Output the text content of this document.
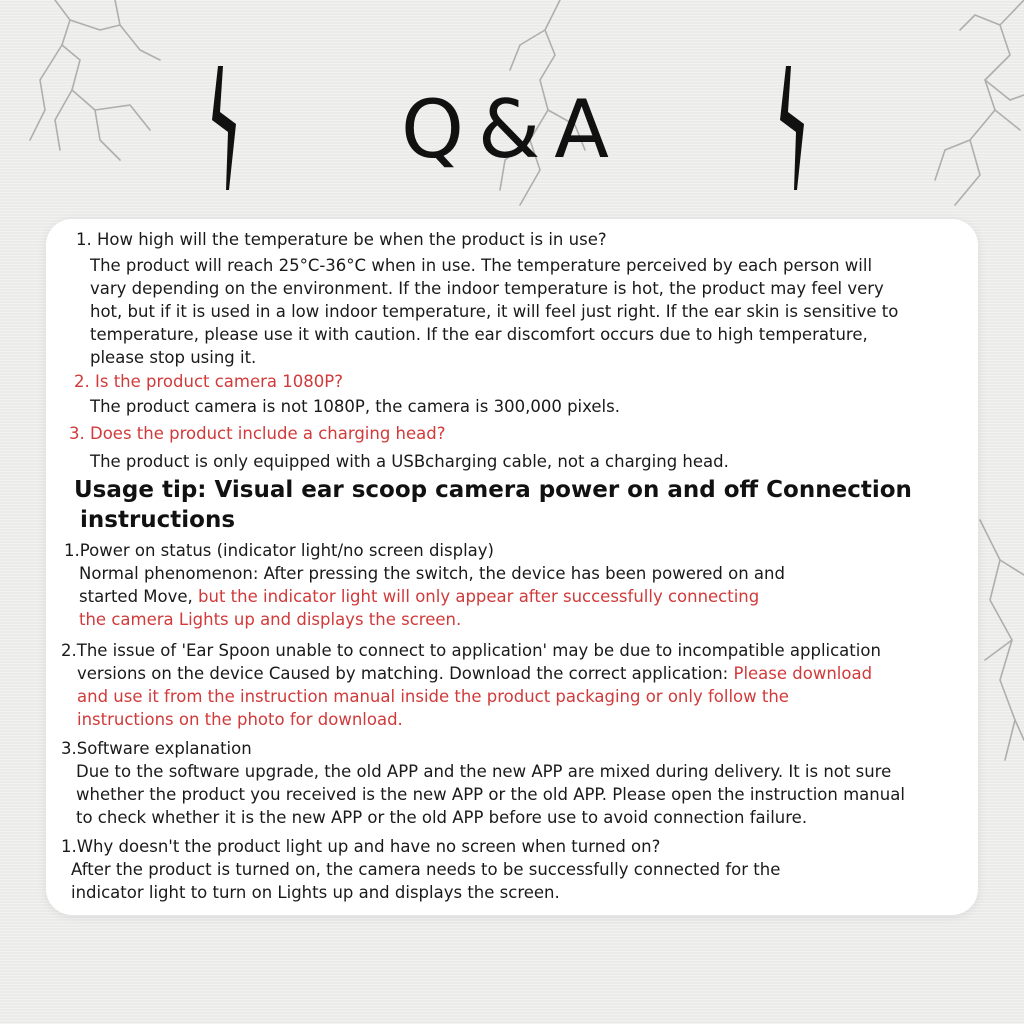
Q&A
1. How high will the temperature be when the product is in use?
The product will reach 25°C-36°C when in use. The temperature perceived by each person will
vary depending on the environment. If the indoor temperature is hot, the product may feel very
hot, but if it is used in a low indoor temperature, it will feel just right. If the ear skin is sensitive to
temperature, please use it with caution. If the ear discomfort occurs due to high temperature,
please stop using it.
2. Is the product camera 1080P?
The product camera is not 1080P, the camera is 300,000 pixels.
3. Does the product include a charging head?
The product is only equipped with a USBcharging cable, not a charging head.
Usage tip: Visual ear scoop camera power on and off Connection
instructions
1.Power on status (indicator light/no screen display)
Normal phenomenon: After pressing the switch, the device has been powered on and
started Move, but the indicator light will only appear after successfully connecting
the camera Lights up and displays the screen.
2.The issue of 'Ear Spoon unable to connect to application' may be due to incompatible application
versions on the device Caused by matching. Download the correct application: Please download
and use it from the instruction manual inside the product packaging or only follow the
instructions on the photo for download.
3.Software explanation
Due to the software upgrade, the old APP and the new APP are mixed during delivery. It is not sure
whether the product you received is the new APP or the old APP. Please open the instruction manual
to check whether it is the new APP or the old APP before use to avoid connection failure.
1.Why doesn't the product light up and have no screen when turned on?
After the product is turned on, the camera needs to be successfully connected for the
indicator light to turn on Lights up and displays the screen.
